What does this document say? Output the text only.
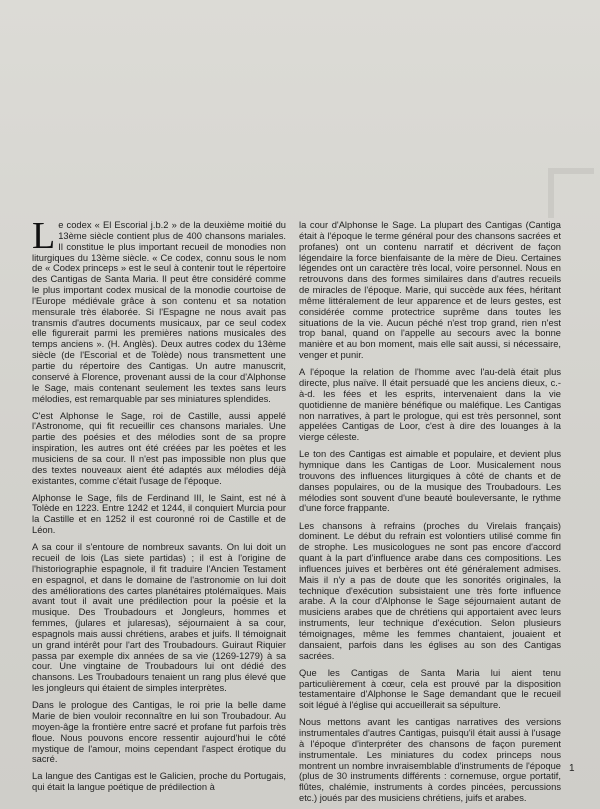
Le codex « El Escorial j.b.2 » de la deuxième moitié du 13ème siècle contient plus de 400 chansons mariales. Il constitue le plus important recueil de monodies non liturgiques du 13ème siècle. « Ce codex, connu sous le nom de « Codex princeps » est le seul à contenir tout le répertoire des Cantigas de Santa Maria. Il peut être considéré comme le plus important codex musical de la monodie courtoise de l'Europe médiévale grâce à son contenu et sa notation mensurale très élaborée. Si l'Espagne ne nous avait pas transmis d'autres documents musicaux, par ce seul codex elle figurerait parmi les premières nations musicales des temps anciens ». (H. Anglès). Deux autres codex du 13ème siècle (de l'Escorial et de Tolède) nous transmettent une partie du répertoire des Cantigas. Un autre manuscrit, conservé à Florence, provenant aussi de la cour d'Alphonse le Sage, mais contenant seulement les textes sans leurs mélodies, est remarquable par ses miniatures splendides.

C'est Alphonse le Sage, roi de Castille, aussi appelé l'Astronome, qui fit recueillir ces chansons mariales. Une partie des poésies et des mélodies sont de sa propre inspiration, les autres ont été créées par les poètes et les musiciens de sa cour. Il n'est pas impossible non plus que des textes nouveaux aient été adaptés aux mélodies déjà existantes, comme c'était l'usage de l'époque.

Alphonse le Sage, fils de Ferdinand III, le Saint, est né à Tolède en 1223. Entre 1242 et 1244, il conquiert Murcia pour la Castille et en 1252 il est couronné roi de Castille et de Léon.

A sa cour il s'entoure de nombreux savants. On lui doit un recueil de lois (Las siete partidas) ; il est à l'origine de l'historiographie espagnole, il fit traduire l'Ancien Testament en espagnol, et dans le domaine de l'astronomie on lui doit des améliorations des cartes planétaires ptolémaïques. Mais avant tout il avait une prédilection pour la poésie et la musique. Des Troubadours et Jongleurs, hommes et femmes, (julares et jularesas), séjournaient à sa cour, espagnols mais aussi chrétiens, arabes et juifs. Il témoignait un grand intérêt pour l'art des Troubadours. Guiraut Riquier passa par exemple dix années de sa vie (1269-1279) à sa cour. Une vingtaine de Troubadours lui ont dédié des chansons. Les Troubadours tenaient un rang plus élevé que les jongleurs qui étaient de simples interprètes.

Dans le prologue des Cantigas, le roi prie la belle dame Marie de bien vouloir reconnaître en lui son Troubadour. Au moyen-âge la frontière entre sacré et profane fut parfois très floue. Nous pouvons encore ressentir aujourd'hui le côté mystique de l'amour, moins cependant l'aspect érotique du sacré.

La langue des Cantigas est le Galicien, proche du Portugais, qui était la langue poétique de prédilection à

la cour d'Alphonse le Sage. La plupart des Cantigas (Cantiga était à l'époque le terme général pour des chansons sacrées et profanes) ont un contenu narratif et décrivent de façon légendaire la force bienfaisante de la mère de Dieu. Certaines légendes ont un caractère très local, voire personnel. Nous en retrouvons dans des formes similaires dans d'autres recueils de miracles de l'époque. Marie, qui succède aux fées, héritant même littéralement de leur apparence et de leurs gestes, est considérée comme protectrice suprême dans toutes les situations de la vie. Aucun péché n'est trop grand, rien n'est trop banal, quand on l'appelle au secours avec la bonne manière et au bon moment, mais elle sait aussi, si nécessaire, venger et punir.

A l'époque la relation de l'homme avec l'au-delà était plus directe, plus naïve. Il était persuadé que les anciens dieux, c.-à-d. les fées et les esprits, intervenaient dans la vie quotidienne de manière bénéfique ou maléfique. Les Cantigas non narratives, à part le prologue, qui est très personnel, sont appelées Cantigas de Loor, c'est à dire des louanges à la vierge céleste.

Le ton des Cantigas est aimable et populaire, et devient plus hymnique dans les Cantigas de Loor. Musicalement nous trouvons des influences liturgiques à côté de chants et de danses populaires, ou de la musique des Troubadours. Les mélodies sont souvent d'une beauté bouleversante, le rythme d'une force frappante.

Les chansons à refrains (proches du Virelais français) dominent. Le début du refrain est volontiers utilisé comme fin de strophe. Les musicologues ne sont pas encore d'accord quant à la part d'influence arabe dans ces compositions. Les influences juives et berbères ont été généralement admises. Mais il n'y a pas de doute que les sonorités originales, la technique d'exécution subsistaient une très forte influence arabe. A la cour d'Alphonse le Sage séjournaient autant de musiciens arabes que de chrétiens qui apportaient avec leurs instruments, leur technique d'exécution. Selon plusieurs témoignages, même les femmes chantaient, jouaient et dansaient, parfois dans les églises au son des Cantigas sacrées.

Que les Cantigas de Santa Maria lui aient tenu particulièrement à cœur, cela est prouvé par la disposition testamentaire d'Alphonse le Sage demandant que le recueil soit légué à l'église qui accueillerait sa sépulture.

Nous mettons avant les cantigas narratives des versions instrumentales d'autres Cantigas, puisqu'il était aussi à l'usage à l'époque d'interpréter des chansons de façon purement instrumentale. Les miniatures du codex princeps nous montrent un nombre invraisemblable d'instruments de l'époque (plus de 30 instruments différents : cornemuse, orgue portatif, flûtes, chalémie, instruments à cordes pincées, percussions etc.) joués par des musiciens chrétiens, juifs et arabes.

1
